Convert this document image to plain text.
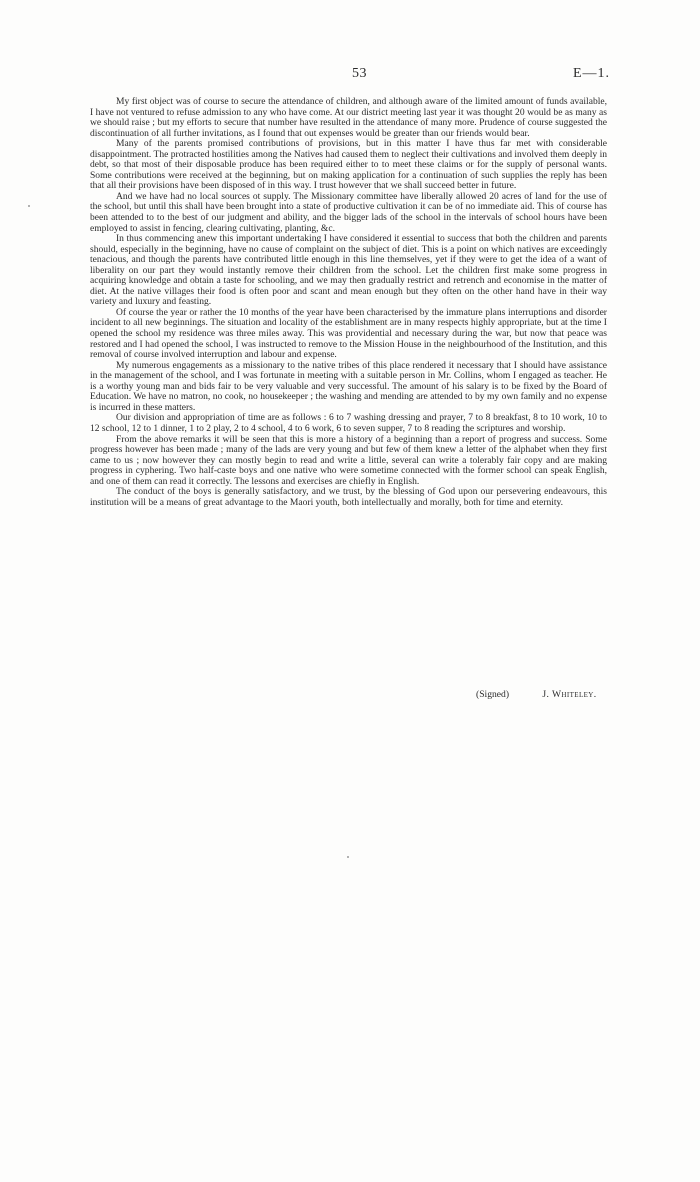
53	E—1.

My first object was of course to secure the attendance of children, and although aware of the limited amount of funds available, I have not ventured to refuse admission to any who have come. At our district meeting last year it was thought 20 would be as many as we should raise ; but my efforts to secure that number have resulted in the attendance of many more. Prudence of course suggested the discontinuation of all further invitations, as I found that out expenses would be greater than our friends would bear.

Many of the parents promised contributions of provisions, but in this matter I have thus far met with considerable disappointment. The protracted hostilities among the Natives had caused them to neglect their cultivations and involved them deeply in debt, so that most of their disposable produce has been required either to to meet these claims or for the supply of personal wants. Some contributions were received at the beginning, but on making application for a continuation of such supplies the reply has been that all their provisions have been disposed of in this way. I trust however that we shall succeed better in future.

And we have had no local sources ot supply. The Missionary committee have liberally allowed 20 acres of land for the use of the school, but until this shall have been brought into a state of productive cultivation it can be of no immediate aid. This of course has been attended to to the best of our judgment and ability, and the bigger lads of the school in the intervals of school hours have been employed to assist in fencing, clearing cultivating, planting, &c.

In thus commencing anew this important undertaking I have considered it essential to success that both the children and parents should, especially in the beginning, have no cause of complaint on the subject of diet. This is a point on which natives are exceedingly tenacious, and though the parents have contributed little enough in this line themselves, yet if they were to get the idea of a want of liberality on our part they would instantly remove their children from the school. Let the children first make some progress in acquiring knowledge and obtain a taste for schooling, and we may then gradually restrict and retrench and economise in the matter of diet. At the native villages their food is often poor and scant and mean enough but they often on the other hand have in their way variety and luxury and feasting.

Of course the year or rather the 10 months of the year have been characterised by the immature plans interruptions and disorder incident to all new beginnings. The situation and locality of the establishment are in many respects highly appropriate, but at the time I opened the school my residence was three miles away. This was providential and necessary during the war, but now that peace was restored and I had opened the school, I was instructed to remove to the Mission House in the neighbourhood of the Institution, and this removal of course involved interruption and labour and expense.

My numerous engagements as a missionary to the native tribes of this place rendered it necessary that I should have assistance in the management of the school, and I was fortunate in meeting with a suitable person in Mr. Collins, whom I engaged as teacher. He is a worthy young man and bids fair to be very valuable and very successful. The amount of his salary is to be fixed by the Board of Education. We have no matron, no cook, no housekeeper ; the washing and mending are attended to by my own family and no expense is incurred in these matters.

Our division and appropriation of time are as follows : 6 to 7 washing dressing and prayer, 7 to 8 breakfast, 8 to 10 work, 10 to 12 school, 12 to 1 dinner, 1 to 2 play, 2 to 4 school, 4 to 6 work, 6 to seven supper, 7 to 8 reading the scriptures and worship.

From the above remarks it will be seen that this is more a history of a beginning than a report of progress and success. Some progress however has been made ; many of the lads are very young and but few of them knew a letter of the alphabet when they first came to us ; now however they can mostly begin to read and write a little, several can write a tolerably fair copy and are making progress in cyphering. Two half-caste boys and one native who were sometime connected with the former school can speak English, and one of them can read it correctly. The lessons and exercises are chiefly in English.

The conduct of the boys is generally satisfactory, and we trust, by the blessing of God upon our persevering endeavours, this institution will be a means of great advantage to the Maori youth, both intellectually and morally, both for time and eternity.

(Signed)	J. Whiteley.
